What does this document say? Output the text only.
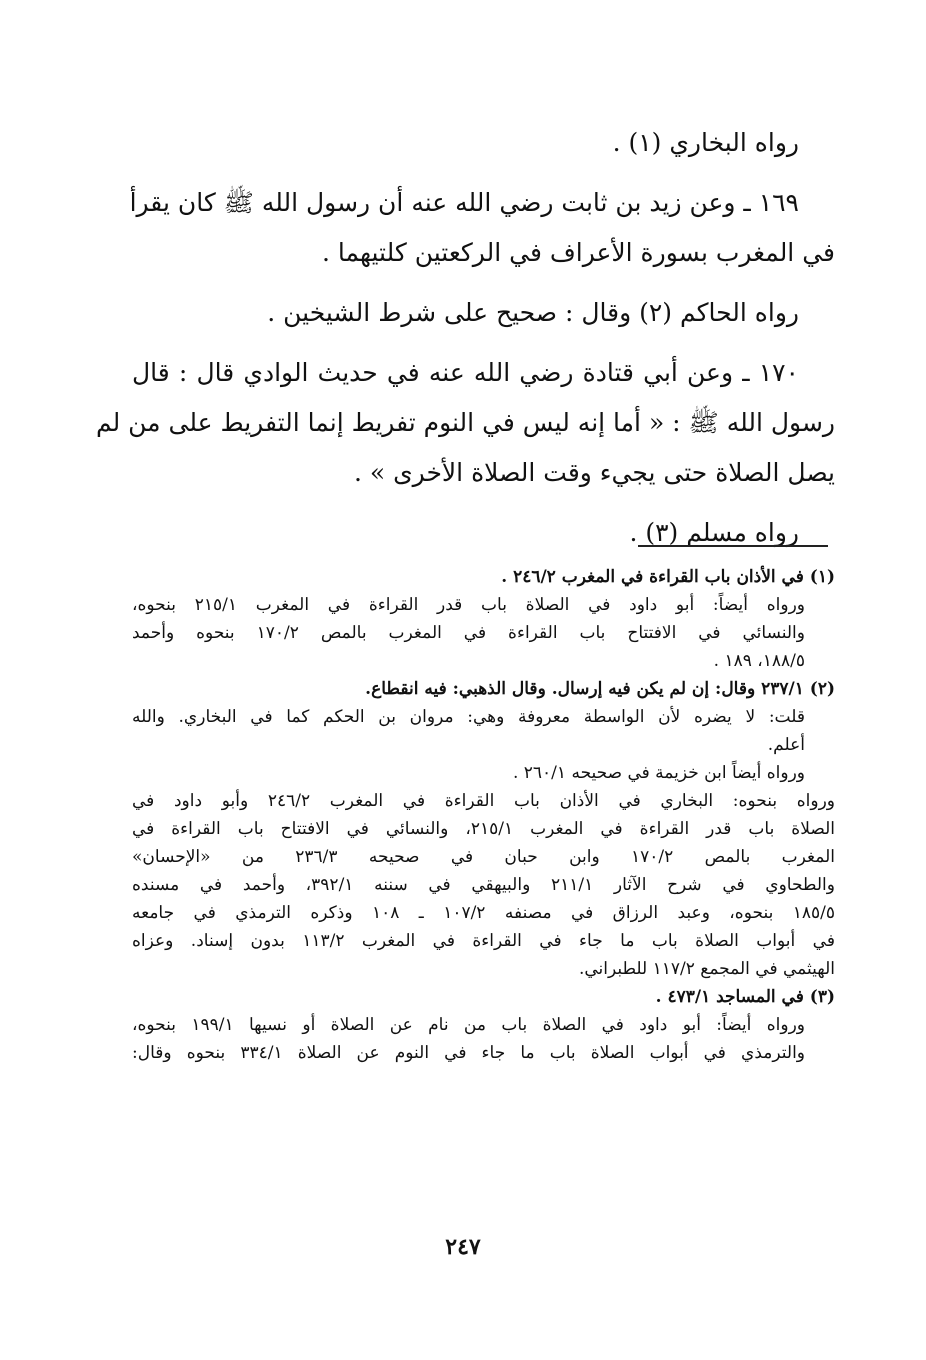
رواه البخاري (١) .
١٦٩ ـ وعن زيد بن ثابت رضي الله عنه أن رسول الله ﷺ كان يقرأ
في المغرب بسورة الأعراف في الركعتين كلتيهما .
رواه الحاكم (٢) وقال : صحيح على شرط الشيخين .
١٧٠ ـ وعن أبي قتادة رضي الله عنه في حديث الوادي قال : قال
رسول الله ﷺ : « أما إنه ليس في النوم تفريط إنما التفريط على من لم
يصل الصلاة حتى يجيء وقت الصلاة الأخرى » .
رواه مسلم (٣) .
(١) في الأذان باب القراءة في المغرب ٢٤٦/٢ .
ورواه أيضاً: أبو داود في الصلاة باب قدر القراءة في المغرب ٢١٥/١ بنحوه،
والنسائي في الافتتاح باب القراءة في المغرب بالمص ١٧٠/٢ بنحوه وأحمد
١٨٨/٥، ١٨٩ .
(٢) ٢٣٧/١ وقال: إن لم يكن فيه إرسال. وقال الذهبي: فيه انقطاع.
قلت: لا يضره لأن الواسطة معروفة وهي: مروان بن الحكم كما في البخاري. والله
أعلم.
ورواه أيضاً ابن خزيمة في صحيحه ٢٦٠/١ .
ورواه بنحوه: البخاري في الأذان باب القراءة في المغرب ٢٤٦/٢ وأبو داود في
الصلاة باب قدر القراءة في المغرب ٢١٥/١، والنسائي في الافتتاح باب القراءة في
المغرب بالمص ١٧٠/٢ وابن حبان في صحيحه ٢٣٦/٣ من «الإحسان»
والطحاوي في شرح الآثار ٢١١/١ والبيهقي في سننه ٣٩٢/١، وأحمد في مسنده
١٨٥/٥ بنحوه، وعبد الرزاق في مصنفه ١٠٧/٢ ـ ١٠٨ وذكره الترمذي في جامعه
في أبواب الصلاة باب ما جاء في القراءة في المغرب ١١٣/٢ بدون إسناد. وعزاه
الهيثمي في المجمع ١١٧/٢ للطبراني.
(٣) في المساجد ٤٧٣/١ .
ورواه أيضاً: أبو داود في الصلاة باب من نام عن الصلاة أو نسيها ١٩٩/١ بنحوه،
والترمذي في أبواب الصلاة باب ما جاء في النوم عن الصلاة ٣٣٤/١ بنحوه وقال:
٢٤٧
